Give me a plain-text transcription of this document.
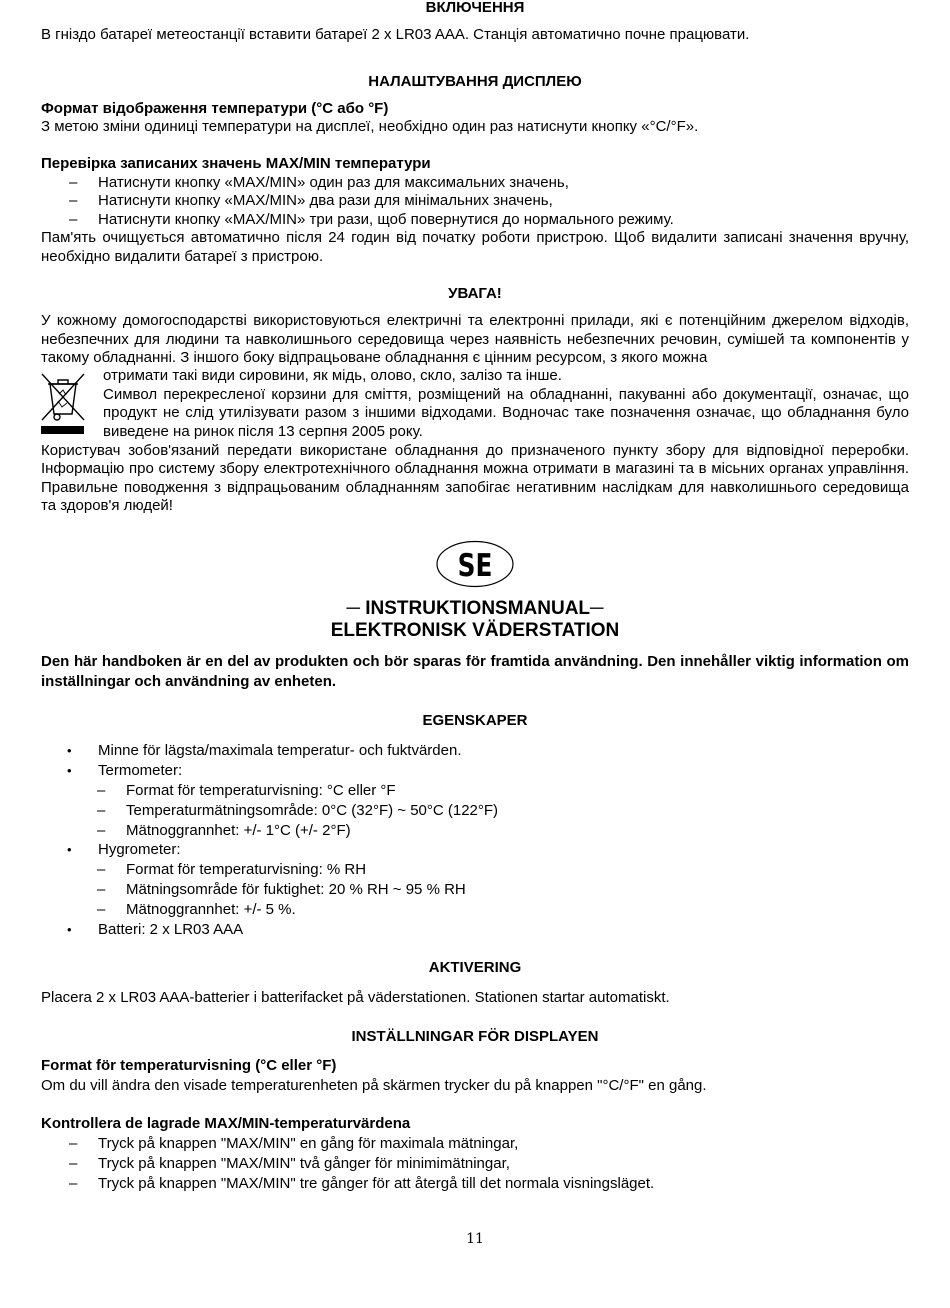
ВКЛЮЧЕННЯ

В гніздо батареї метеостанції вставити батареї 2 х LR03 AAA. Станція автоматично почне працювати.

НАЛАШТУВАННЯ ДИСПЛЕЮ

Формат відображення температури (°C або °F)

З метою зміни одиниці температури на дисплеї, необхідно один раз натиснути кнопку «°C/°F».

Перевірка записаних значень MAX/MIN температури

–	Натиснути кнопку «MAX/MIN» один раз для максимальних значень,
–	Натиснути кнопку «MAX/MIN» два рази для мінімальних значень,
–	Натиснути кнопку «MAX/MIN» три рази, щоб повернутися до нормального режиму.

Пам'ять очищується автоматично після 24 годин від початку роботи пристрою. Щоб видалити записані значення вручну, необхідно видалити батареї з пристрою.

УВАГА!

У кожному домогосподарстві використовуються електричні та електронні прилади, які є потенційним джерелом відходів, небезпечних для людини та навколишнього середовища через наявність небезпечних речовин, сумішей та компонентів у такому обладнанні. З іншого боку відпрацьоване обладнання є цінним ресурсом, з якого можна

отримати такі види сировини, як мідь, олово, скло, залізо та інше.

Символ перекресленої корзини для сміття, розміщений на обладнанні, пакуванні або документації, означає, що продукт не слід утилізувати разом з іншими відходами. Водночас таке позначення означає, що обладнання було виведене на ринок після 13 серпня 2005 року.

Користувач зобов'язаний передати використане обладнання до призначеного пункту збору для відповідної переробки. Інформацію про систему збору електротехнічного обладнання можна отримати в магазині та в місьних органах управління. Правильне поводження з відпрацьованим обладнанням запобігає негативним наслідкам для навколишнього середовища та здоров'я людей!

SE

─ INSTRUKTIONSMANUAL─

ELEKTRONISK VÄDERSTATION

Den här handboken är en del av produkten och bör sparas för framtida användning. Den innehåller viktig information om inställningar och användning av enheten.

EGENSKAPER

•	Minne för lägsta/maximala temperatur- och fuktvärden.
•	Termometer:
–	Format för temperaturvisning: °C eller °F
–	Temperaturmätningsområde: 0°C (32°F) ~ 50°C (122°F)
–	Mätnoggrannhet: +/- 1°C (+/- 2°F)
•	Hygrometer:
–	Format för temperaturvisning: % RH
–	Mätningsområde för fuktighet: 20 % RH ~ 95 % RH
–	Mätnoggrannhet: +/- 5 %.
•	Batteri: 2 x LR03 AAA

AKTIVERING

Placera 2 x LR03 AAA-batterier i batterifacket på väderstationen. Stationen startar automatiskt.

INSTÄLLNINGAR FÖR DISPLAYEN

Format för temperaturvisning (°C eller °F)

Om du vill ändra den visade temperaturenheten på skärmen trycker du på knappen "°C/°F" en gång.

Kontrollera de lagrade MAX/MIN-temperaturvärdena

–	Tryck på knappen "MAX/MIN" en gång för maximala mätningar,
–	Tryck på knappen "MAX/MIN" två gånger för minimimätningar,
–	Tryck på knappen "MAX/MIN" tre gånger för att återgå till det normala visningsläget.
11
